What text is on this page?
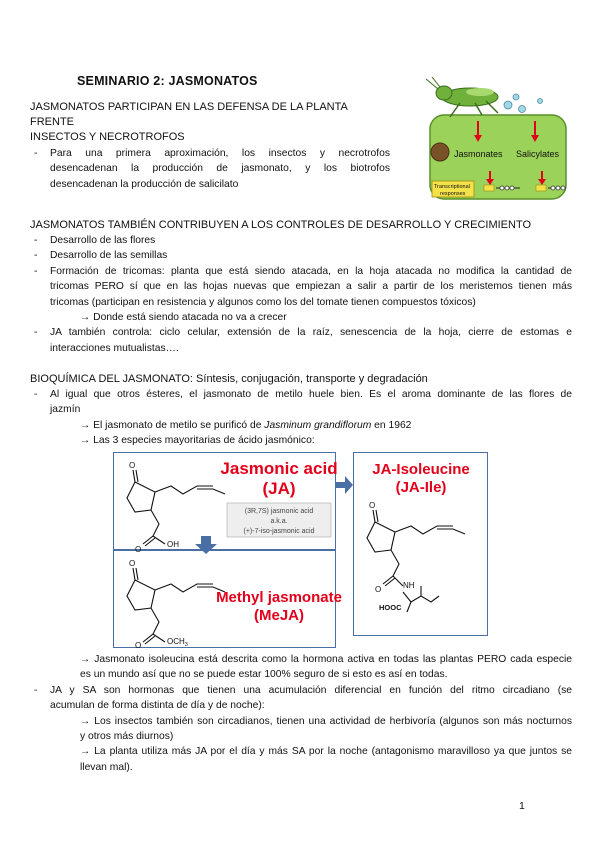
SEMINARIO 2: JASMONATOS
JASMONATOS PARTICIPAN EN LAS DEFENSA DE LA PLANTA FRENTE
INSECTOS Y NECROTROFOS
- Para una primera aproximación, los insectos y necrotrofos
desencadenan la producción de jasmonato, y los biotrofos
desencadenan la producción de salicilato
Jasmonates Salicylates
Transcriptional
responses
JASMONATOS TAMBIÉN CONTRIBUYEN A LOS CONTROLES DE DESARROLLO Y CRECIMIENTO
- Desarrollo de las flores
- Desarrollo de las semillas
- Formación de tricomas: planta que está siendo atacada, en la hoja atacada no modifica la cantidad de
tricomas PERO sí que en las hojas nuevas que empiezan a salir a partir de los meristemos tienen más
tricomas (participan en resistencia y algunos como los del tomate tienen compuestos tóxicos)
→ Donde está siendo atacada no va a crecer
- JA también controla: ciclo celular, extensión de la raíz, senescencia de la hoja, cierre de estomas e
interacciones mutualistas….
BIOQUÍMICA DEL JASMONATO: Síntesis, conjugación, transporte y degradación
- Al igual que otros ésteres, el jasmonato de metilo huele bien. Es el aroma dominante de las flores de
jazmín
→ El jasmonato de metilo se purificó de Jasminum grandiflorum en 1962
→ Las 3 especies mayoritarias de ácido jasmónico:
O
O
OH
Jasmonic acid
(JA)
(3R,7S) jasmonic acid
a.k.a.
(+)-7-iso-jasmonic acid
JA-Isoleucine
(JA-Ile)
O
O	NH
HOOC
O
O	$OCH_3$
Methyl jasmonate
(MeJA)
→ Jasmonato isoleucina está descrita como la hormona activa en todas las plantas PERO cada especie
es un mundo así que no se puede estar 100% seguro de si esto es así en todas.
- JA y SA son hormonas que tienen una acumulación diferencial en función del ritmo circadiano (se
acumulan de forma distinta de día y de noche):
→ Los insectos también son circadianos, tienen una actividad de herbivoría (algunos son más nocturnos
y otros más diurnos)
→ La planta utiliza más JA por el día y más SA por la noche (antagonismo maravilloso ya que juntos se
llevan mal).
1
